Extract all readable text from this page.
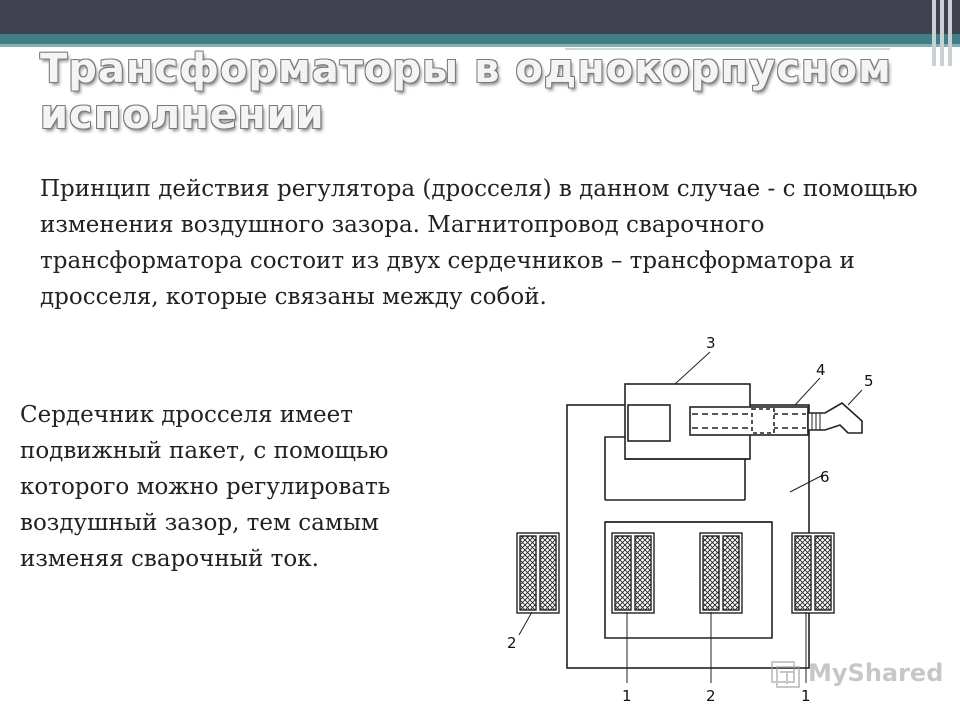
Трансформаторы в однокорпусном исполнении

Принцип действия регулятора (дросселя) в данном случае - с помощью изменения воздушного зазора. Магнитопровод сварочного трансформатора состоит из двух сердечников – трансформатора и дросселя, которые связаны между собой.

Сердечник дросселя имеет подвижный пакет, с помощью которого можно регулировать воздушный зазор, тем самым изменяя сварочный ток.

3
4
5
6
2
1	2	1
MyShared
